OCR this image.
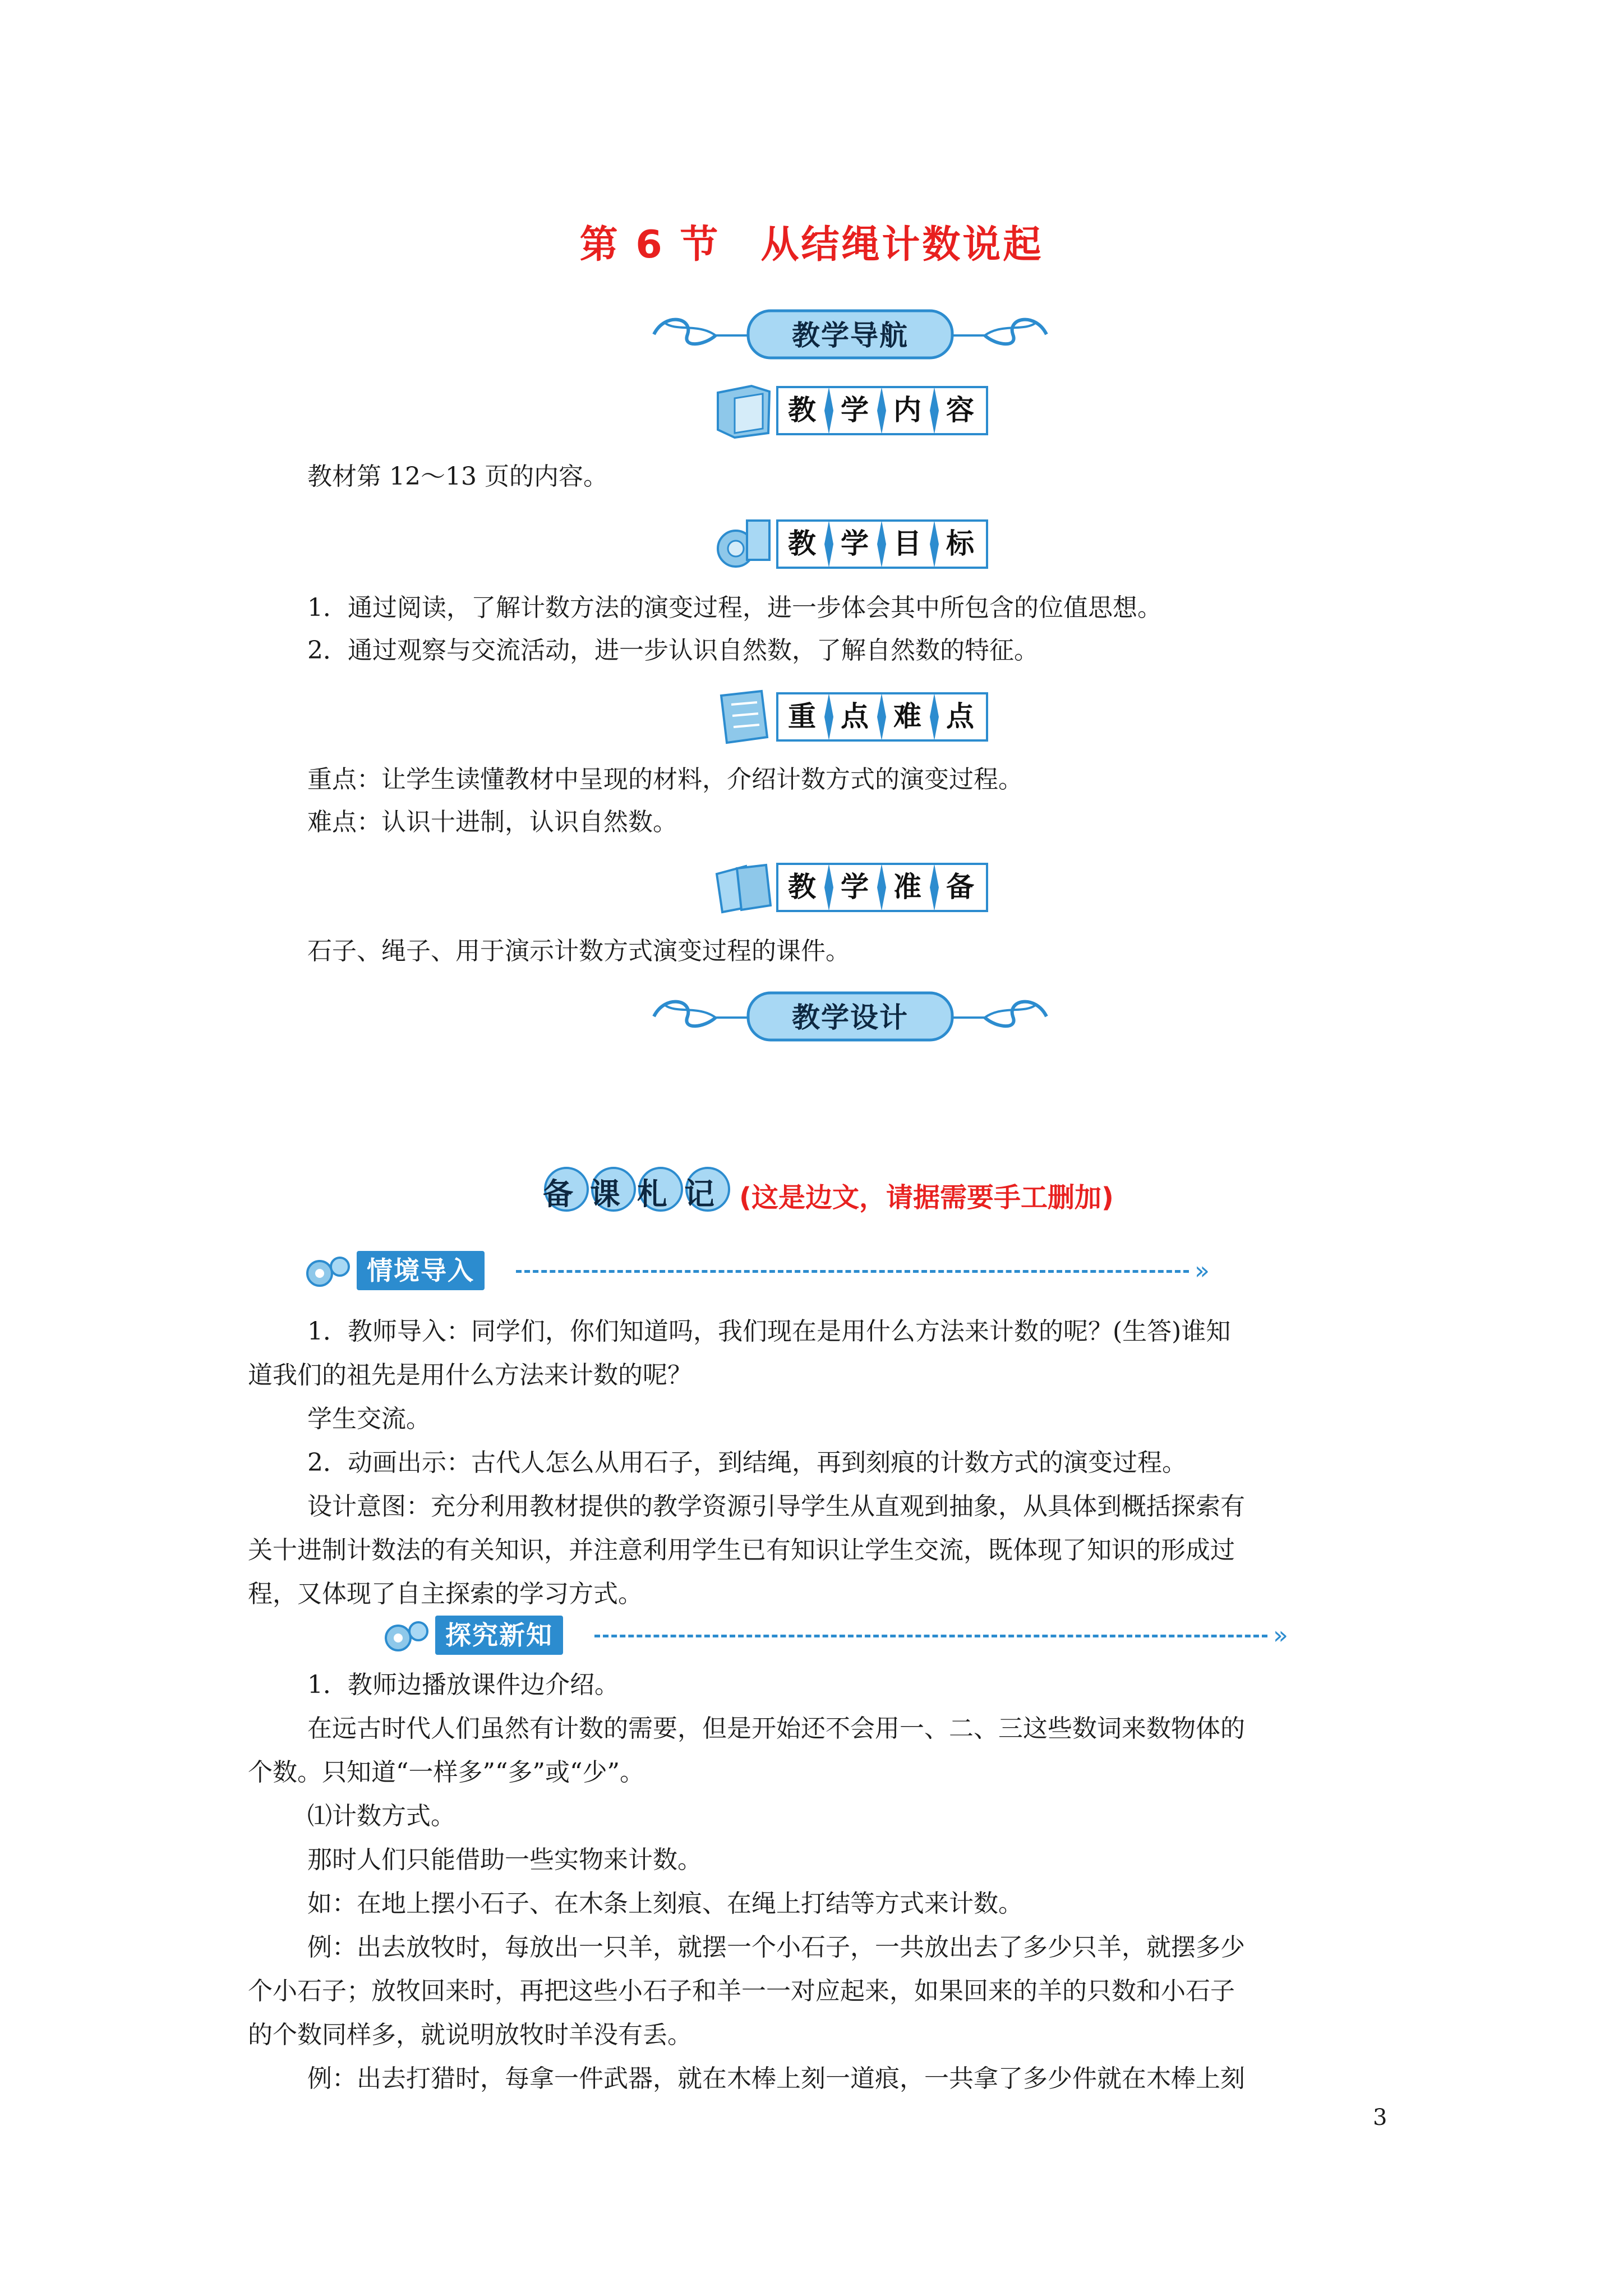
第 6 节　从结绳计数说起
教学导航
教 学 内 容
教材第 12～13 页的内容。
教 学 目 标
1．通过阅读，了解计数方法的演变过程，进一步体会其中所包含的位值思想。
2．通过观察与交流活动，进一步认识自然数，了解自然数的特征。
重 点 难 点
重点：让学生读懂教材中呈现的材料，介绍计数方式的演变过程。
难点：认识十进制，认识自然数。
教 学 准 备
石子、绳子、用于演示计数方式演变过程的课件。
教学设计
备课札记 (这是边文，请据需要手工删加)
情境导入	»
1．教师导入：同学们，你们知道吗，我们现在是用什么方法来计数的呢？(生答)谁知
道我们的祖先是用什么方法来计数的呢？
学生交流。
2．动画出示：古代人怎么从用石子，到结绳，再到刻痕的计数方式的演变过程。
设计意图：充分利用教材提供的教学资源引导学生从直观到抽象，从具体到概括探索有
关十进制计数法的有关知识，并注意利用学生已有知识让学生交流，既体现了知识的形成过
程，又体现了自主探索的学习方式。
探究新知	»
1．教师边播放课件边介绍。
在远古时代人们虽然有计数的需要，但是开始还不会用一、二、三这些数词来数物体的
个数。只知道“一样多”“多”或“少”。
⑴计数方式。
那时人们只能借助一些实物来计数。
如：在地上摆小石子、在木条上刻痕、在绳上打结等方式来计数。
例：出去放牧时，每放出一只羊，就摆一个小石子，一共放出去了多少只羊，就摆多少
个小石子；放牧回来时，再把这些小石子和羊一一对应起来，如果回来的羊的只数和小石子
的个数同样多，就说明放牧时羊没有丢。
例：出去打猎时，每拿一件武器，就在木棒上刻一道痕，一共拿了多少件就在木棒上刻
3
